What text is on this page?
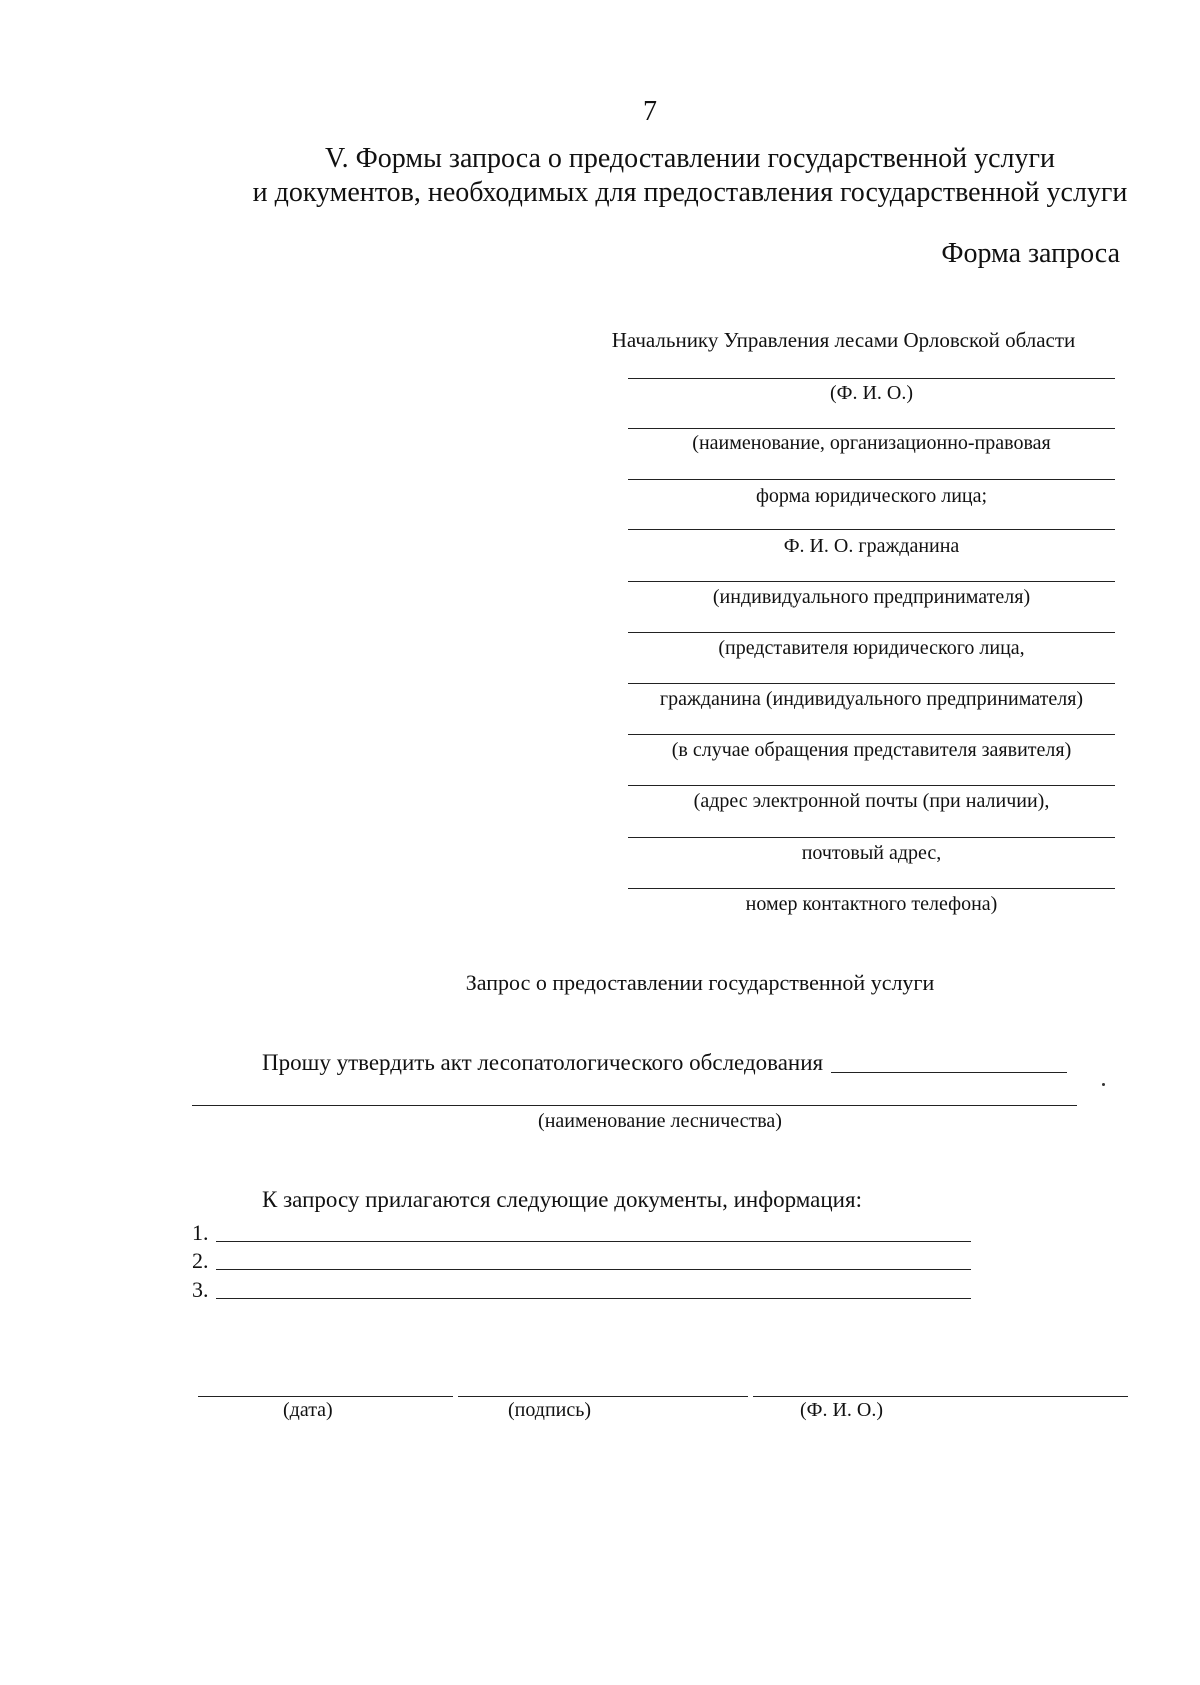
7
V. Формы запроса о предоставлении государственной услуги
и документов, необходимых для предоставления государственной услуги
Форма запроса
Начальнику Управления лесами Орловской области
(Ф. И. О.)
(наименование, организационно-правовая
форма юридического лица;
Ф. И. О. гражданина
(индивидуального предпринимателя)
(представителя юридического лица,
гражданина (индивидуального предпринимателя)
(в случае обращения представителя заявителя)
(адрес электронной почты (при наличии),
почтовый адрес,
номер контактного телефона)
Запрос о предоставлении государственной услуги
Прошу утвердить акт лесопатологического обследования
(наименование лесничества)
К запросу прилагаются следующие документы, информация:
1.
2.
3.
(дата)	(подпись)	(Ф. И. О.)
